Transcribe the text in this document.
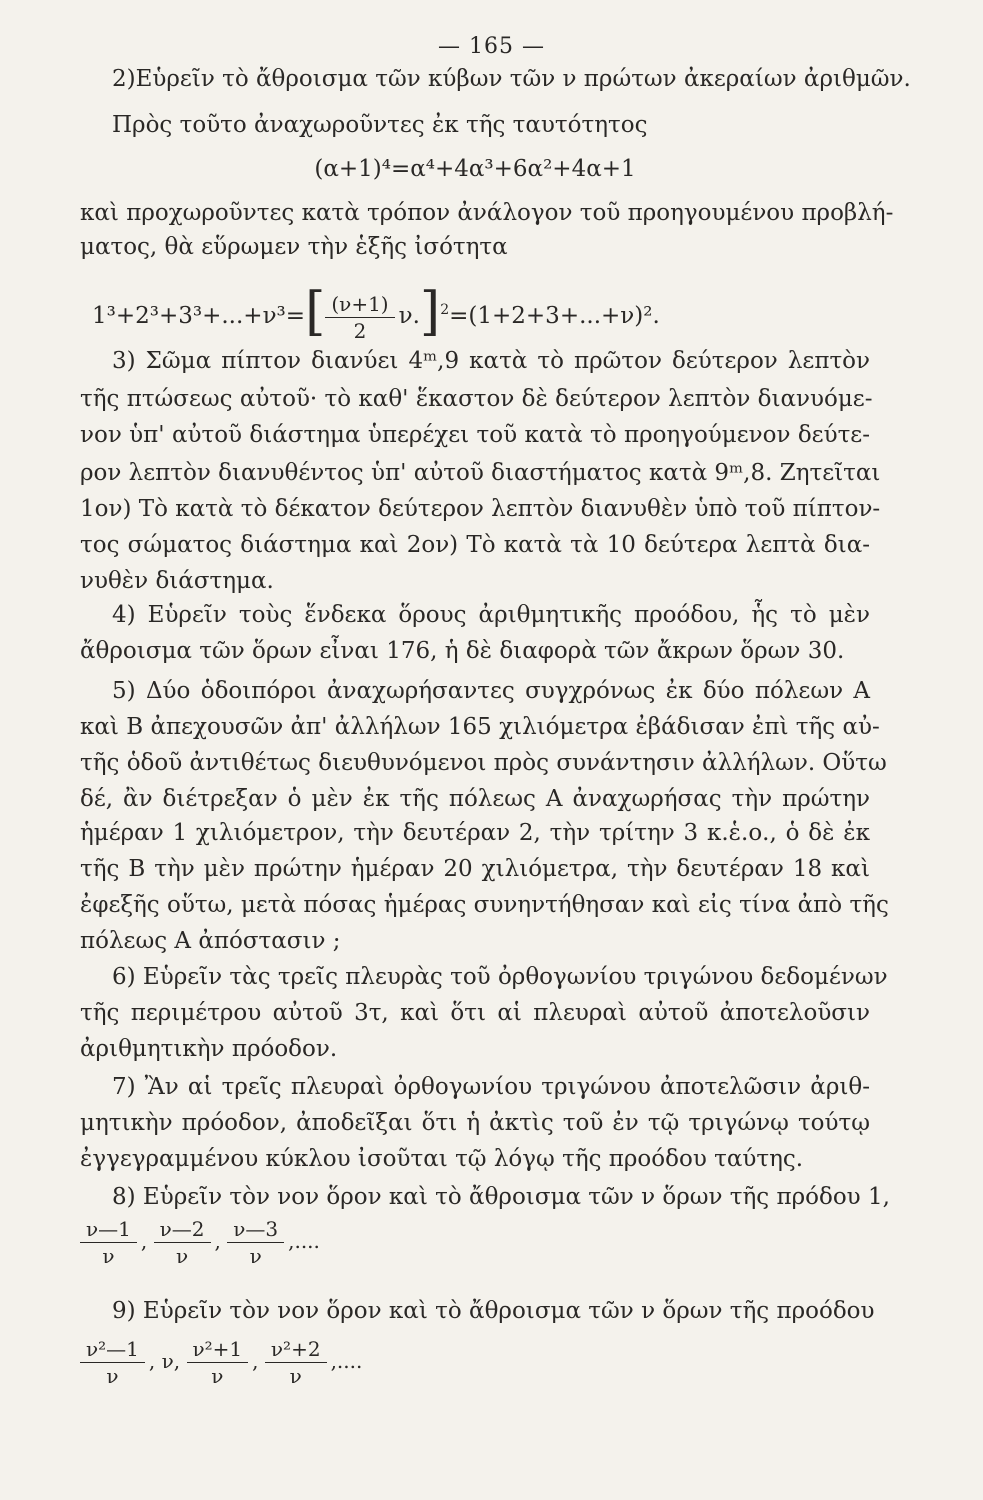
— 165 —
2)Εὑρεῖν τὸ ἄθροισμα τῶν κύβων τῶν ν πρώτων ἀκεραίων ἀριθμῶν.
Πρὸς τοῦτο ἀναχωροῦντες ἐκ τῆς ταυτότητος
(α+1)⁴=α⁴+4α³+6α²+4α+1
καὶ προχωροῦντες κατὰ τρόπον ἀνάλογον τοῦ προηγουμένου προβλή-
ματος, θὰ εὕρωμεν τὴν ἑξῆς ἰσότητα
$1^3+2^3+3^3+...+\nu^3=[ \frac{(\nu+1)}{2} \nu.]^2=(1+2+3+...+\nu)^2$.
3) Σῶμα πίπτον διανύει 4ᵐ,9 κατὰ τὸ πρῶτον δεύτερον λεπτὸν
τῆς πτώσεως αὐτοῦ· τὸ καθ' ἕκαστον δὲ δεύτερον λεπτὸν διανυόμε-
νον ὑπ' αὐτοῦ διάστημα ὑπερέχει τοῦ κατὰ τὸ προηγούμενον δεύτε-
ρον λεπτὸν διανυθέντος ὑπ' αὐτοῦ διαστήματος κατὰ 9ᵐ,8. Ζητεῖται
1ον) Τὸ κατὰ τὸ δέκατον δεύτερον λεπτὸν διανυθὲν ὑπὸ τοῦ πίπτον-
τος σώματος διάστημα καὶ 2ον) Τὸ κατὰ τὰ 10 δεύτερα λεπτὰ δια-
νυθὲν διάστημα.
4) Εὑρεῖν τοὺς ἕνδεκα ὅρους ἀριθμητικῆς προόδου, ἧς τὸ μὲν
ἄθροισμα τῶν ὅρων εἶναι 176, ἡ δὲ διαφορὰ τῶν ἄκρων ὅρων 30.
5) Δύο ὁδοιπόροι ἀναχωρήσαντες συγχρόνως ἐκ δύο πόλεων Α
καὶ Β ἀπεχουσῶν ἀπ' ἀλλήλων 165 χιλιόμετρα ἐβάδισαν ἐπὶ τῆς αὐ-
τῆς ὁδοῦ ἀντιθέτως διευθυνόμενοι πρὸς συνάντησιν ἀλλήλων. Οὕτω
δέ, ἂν διέτρεξαν ὁ μὲν ἐκ τῆς πόλεως Α ἀναχωρήσας τὴν πρώτην
ἡμέραν 1 χιλιόμετρον, τὴν δευτέραν 2, τὴν τρίτην 3 κ.ἑ.ο., ὁ δὲ ἐκ
τῆς Β τὴν μὲν πρώτην ἡμέραν 20 χιλιόμετρα, τὴν δευτέραν 18 καὶ
ἐφεξῆς οὕτω, μετὰ πόσας ἡμέρας συνηντήθησαν καὶ εἰς τίνα ἀπὸ τῆς
πόλεως Α ἀπόστασιν ;
6) Εὑρεῖν τὰς τρεῖς πλευρὰς τοῦ ὀρθογωνίου τριγώνου δεδομένων
τῆς περιμέτρου αὐτοῦ 3τ, καὶ ὅτι αἱ πλευραὶ αὐτοῦ ἀποτελοῦσιν
ἀριθμητικὴν πρόοδον.
7) Ἂν αἱ τρεῖς πλευραὶ ὀρθογωνίου τριγώνου ἀποτελῶσιν ἀριθ-
μητικὴν πρόοδον, ἀποδεῖξαι ὅτι ἡ ἀκτὶς τοῦ ἐν τῷ τριγώνῳ τούτῳ
ἐγγεγραμμένου κύκλου ἰσοῦται τῷ λόγῳ τῆς προόδου ταύτης.
8) Εὑρεῖν τὸν νον ὅρον καὶ τὸ ἄθροισμα τῶν ν ὅρων τῆς πρόδου 1,
$\frac{\nu—1}{\nu}$ , $\frac{\nu—2}{\nu}$ , $\frac{\nu—3}{\nu}$ ,....
9) Εὑρεῖν τὸν νον ὅρον καὶ τὸ ἄθροισμα τῶν ν ὅρων τῆς προόδου
$\frac{\text{ν²—1}}{\nu}$ , ν, $\frac{\text{ν²+1}}{\nu}$ , $\frac{\text{ν²+2}}{\nu}$ ,....
